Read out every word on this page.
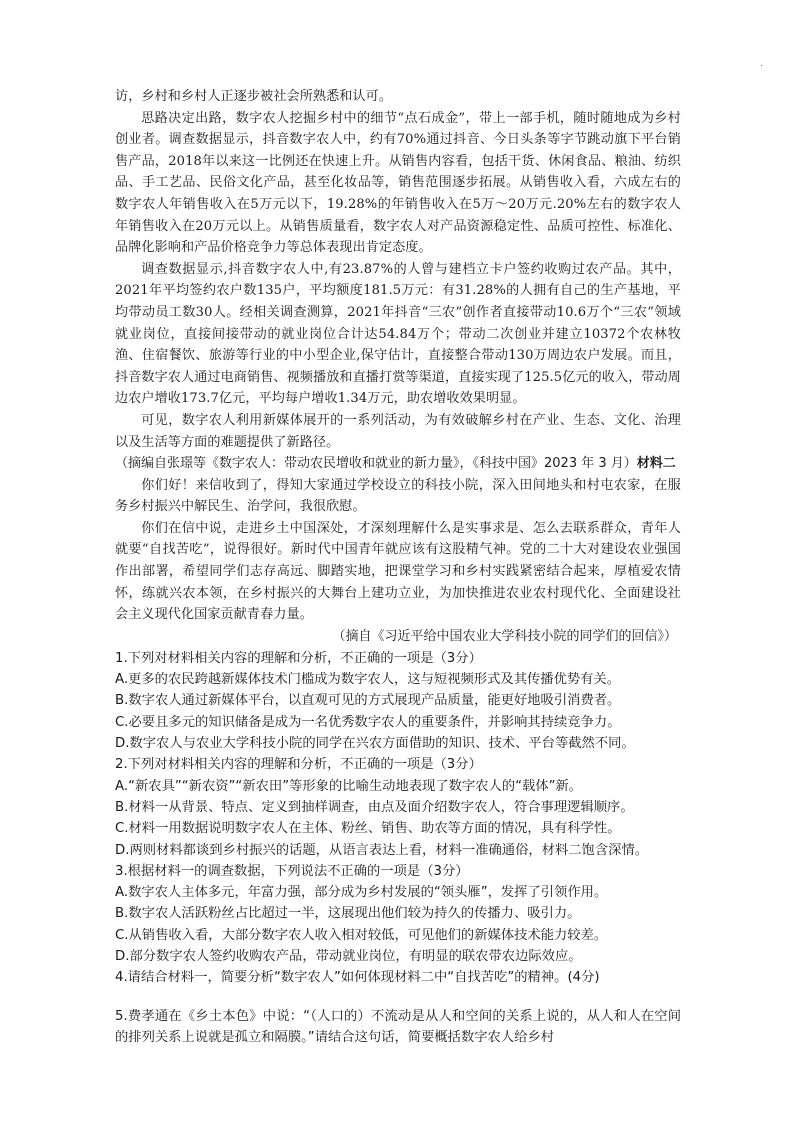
.

访，乡村和乡村人正逐步被社会所熟悉和认可。

思路决定出路，数字农人挖掘乡村中的细节“点石成金”，带上一部手机，随时随地成为乡村创业者。调查数据显示，抖音数字农人中，约有70%通过抖音、今日头条等字节跳动旗下平台销售产品，2018年以来这一比例还在快速上升。从销售内容看，包括干货、休闲食品、粮油、纺织品、手工艺品、民俗文化产品，甚至化妆品等，销售范围逐步拓展。从销售收入看，六成左右的数字农人年销售收入在5万元以下，19.28%的年销售收入在5万～20万元.20%左右的数字农人年销售收入在20万元以上。从销售质量看，数字农人对产品资源稳定性、品质可控性、标准化、品牌化影响和产品价格竞争力等总体表现出肯定态度。

调查数据显示,抖音数字农人中,有23.87%的人曾与建档立卡户签约收购过农产品。其中，2021年平均签约农户数135户，平均额度181.5万元：有31.28%的人拥有自己的生产基地，平均带动员工数30人。经相关调查测算，2021年抖音“三农”创作者直接带动10.6万个“三农”领域就业岗位，直接间接带动的就业岗位合计达54.84万个；带动二次创业并建立10372个农林牧渔、住宿餐饮、旅游等行业的中小型企业,保守估计，直接整合带动130万周边农户发展。而且，抖音数字农人通过电商销售、视频播放和直播打赏等渠道，直接实现了125.5亿元的收入，带动周边农户增收173.7亿元，平均每户增收1.34万元，助农增收效果明显。

可见，数字农人利用新媒体展开的一系列活动，为有效破解乡村在产业、生态、文化、治理以及生活等方面的难题提供了新路径。

（摘编自张璟等《数字农人：带动农民增收和就业的新力量》，《科技中国》2023 年 3 月）材料二

你们好！来信收到了，得知大家通过学校设立的科技小院，深入田间地头和村屯农家，在服务乡村振兴中解民生、治学问，我很欣慰。

你们在信中说，走进乡土中国深处，才深刻理解什么是实事求是、怎么去联系群众，青年人就要“自找苦吃”，说得很好。新时代中国青年就应该有这股精气神。党的二十大对建设农业强国作出部署，希望同学们志存高远、脚踏实地，把课堂学习和乡村实践紧密结合起来，厚植爱农情怀，练就兴农本领，在乡村振兴的大舞台上建功立业，为加快推进农业农村现代化、全面建设社会主义现代化国家贡献青春力量。

（摘自《习近平给中国农业大学科技小院的同学们的回信》）

1.下列对材料相关内容的理解和分析，不正确的一项是（3分）

A.更多的农民跨越新媒体技术门槛成为数字农人，这与短视频形式及其传播优势有关。

B.数字农人通过新媒体平台，以直观可见的方式展现产品质量，能更好地吸引消费者。

C.必要且多元的知识储备是成为一名优秀数字农人的重要条件，并影响其持续竞争力。

D.数字农人与农业大学科技小院的同学在兴农方面借助的知识、技术、平台等截然不同。

2.下列对材料相关内容的理解和分析，不正确的一项是（3分）

A.“新农具”“新农资”“新农田”等形象的比喻生动地表现了数字农人的“载体”新。

B.材料一从背景、特点、定义到抽样调查，由点及面介绍数字农人，符合事理逻辑顺序。

C.材料一用数据说明数字农人在主体、粉丝、销售、助农等方面的情况，具有科学性。

D.两则材料都谈到乡村振兴的话题，从语言表达上看，材料一准确通俗，材料二饱含深情。

3.根据材料一的调查数据，下列说法不正确的一项是（3分）

A.数字农人主体多元，年富力强，部分成为乡村发展的“领头雁”，发挥了引领作用。

B.数字农人活跃粉丝占比超过一半，这展现出他们较为持久的传播力、吸引力。

C.从销售收入看，大部分数字农人收入相对较低，可见他们的新媒体技术能力较差。

D.部分数字农人签约收购农产品，带动就业岗位，有明显的联农带农边际效应。

4.请结合材料一，简要分析“数字农人”如何体现材料二中“自找苦吃”的精神。(4分)

5.费孝通在《乡土本色》中说：“（人口的）不流动是从人和空间的关系上说的，从人和人在空间的排列关系上说就是孤立和隔膜。”请结合这句话，简要概括数字农人给乡村
